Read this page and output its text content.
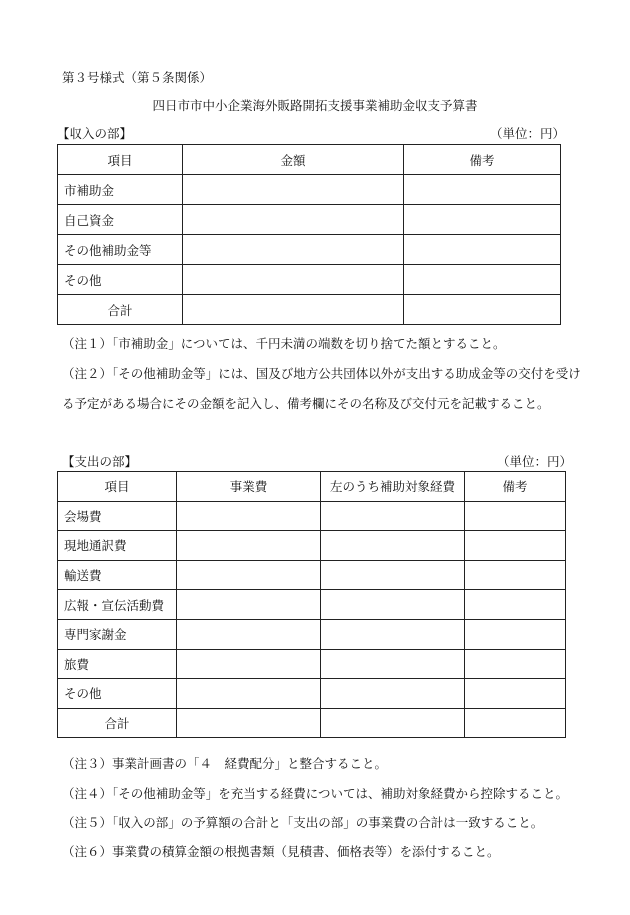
第３号様式（第５条関係）
四日市市中小企業海外販路開拓支援事業補助金収支予算書
【収入の部】	（単位：円）
項目	金額	備考
市補助金		
自己資金		
その他補助金等		
その他		
合計		
（注１）「市補助金」については、千円未満の端数を切り捨てた額とすること。
（注２）「その他補助金等」には、国及び地方公共団体以外が支出する助成金等の交付を受け
る予定がある場合にその金額を記入し、備考欄にその名称及び交付元を記載すること。
【支出の部】	（単位：円）
項目	事業費	左のうち補助対象経費	備考
会場費			
現地通訳費			
輸送費			
広報・宣伝活動費			
専門家謝金			
旅費			
その他			
合計			
（注３）事業計画書の「４　経費配分」と整合すること。
（注４）「その他補助金等」を充当する経費については、補助対象経費から控除すること。
（注５）「収入の部」の予算額の合計と「支出の部」の事業費の合計は一致すること。
（注６）事業費の積算金額の根拠書類（見積書、価格表等）を添付すること。
